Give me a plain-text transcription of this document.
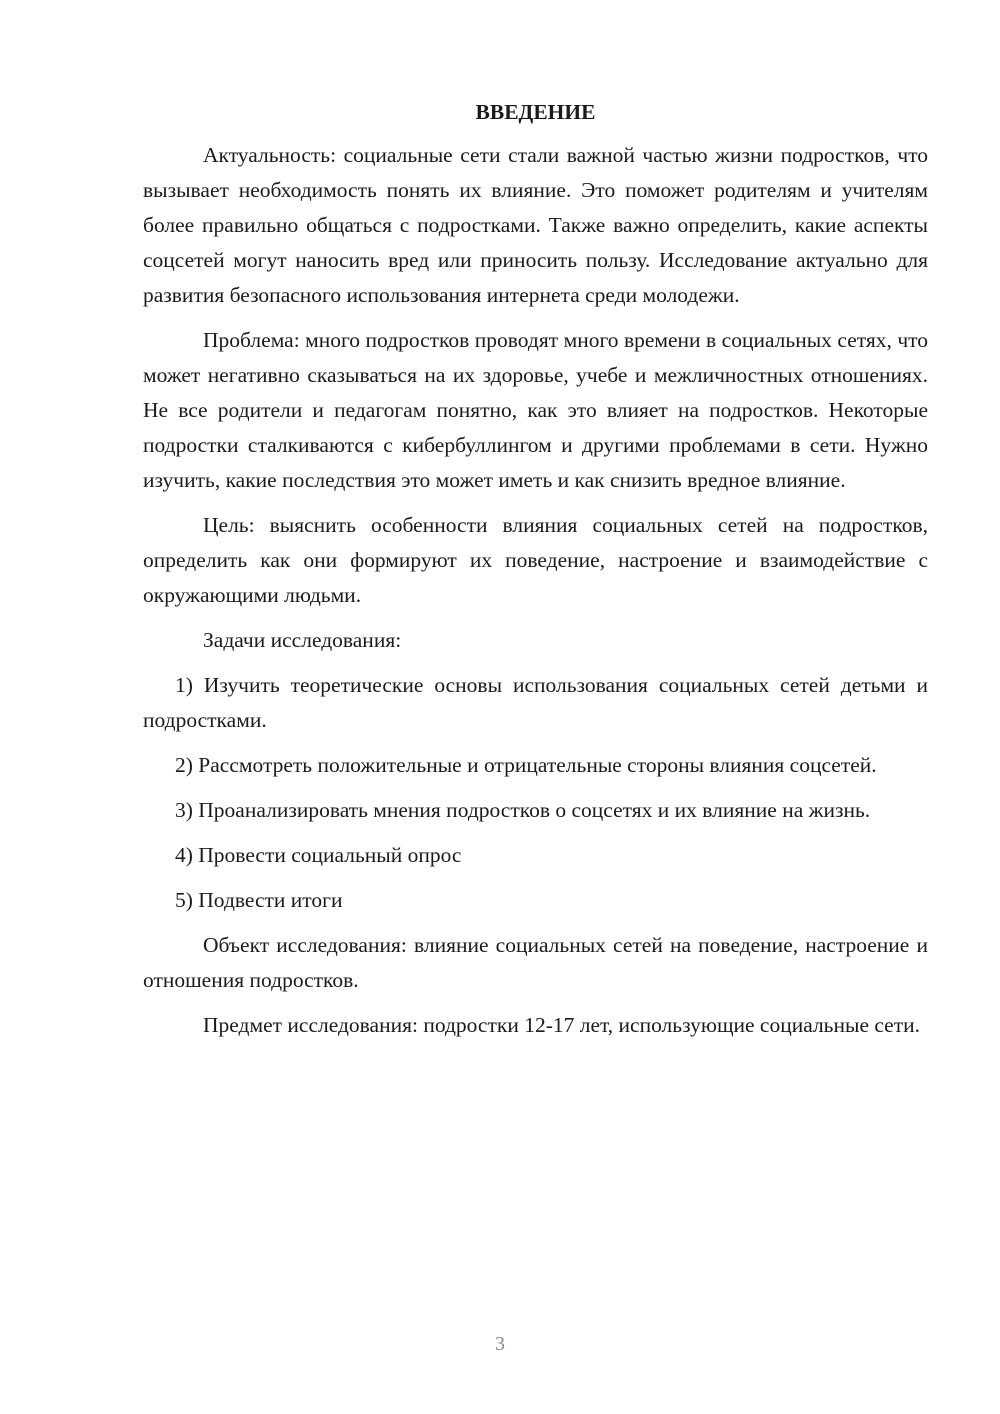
ВВЕДЕНИЕ

Актуальность: социальные сети стали важной частью жизни подростков, что вызывает необходимость понять их влияние. Это поможет родителям и учителям более правильно общаться с подростками. Также важно определить, какие аспекты соцсетей могут наносить вред или приносить пользу. Исследование актуально для развития безопасного использования интернета среди молодежи.

Проблема: много подростков проводят много времени в социальных сетях, что может негативно сказываться на их здоровье, учебе и межличностных отношениях. Не все родители и педагогам понятно, как это влияет на подростков. Некоторые подростки сталкиваются с кибербуллингом и другими проблемами в сети. Нужно изучить, какие последствия это может иметь и как снизить вредное влияние.

Цель: выяснить особенности влияния социальных сетей на подростков, определить как они формируют их поведение, настроение и взаимодействие с окружающими людьми.

Задачи исследования:

1) Изучить теоретические основы использования социальных сетей детьми и подростками.

2) Рассмотреть положительные и отрицательные стороны влияния соцсетей.

3) Проанализировать мнения подростков о соцсетях и их влияние на жизнь.

4) Провести социальный опрос

5) Подвести итоги

Объект исследования: влияние социальных сетей на поведение, настроение и отношения подростков.

Предмет исследования: подростки 12-17 лет, использующие социальные сети.

3
